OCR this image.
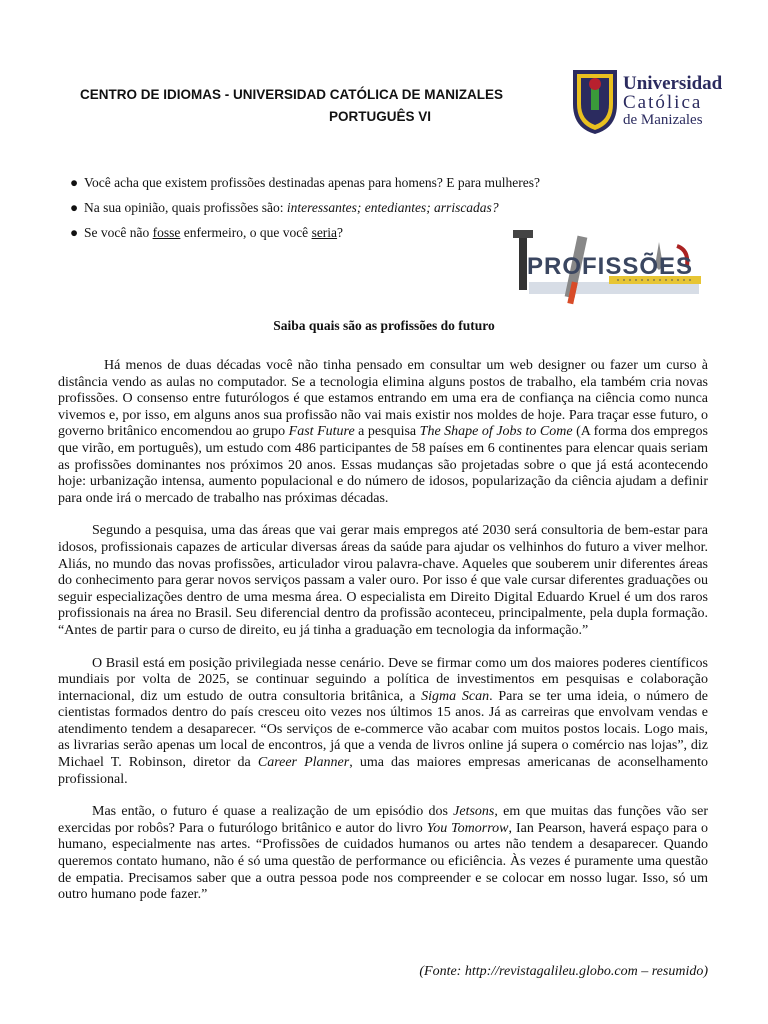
CENTRO DE IDIOMAS - UNIVERSIDAD CATÓLICA DE MANIZALES
PORTUGUÊS VI
Universidad
Católica
de Manizales
● Você acha que existem profissões destinadas apenas para homens? E para mulheres?
● Na sua opinião, quais profissões são: interessantes; entediantes; arriscadas?
● Se você não fosse enfermeiro, o que você seria?
PROFISSÕES
Saiba quais são as profissões do futuro

Há menos de duas décadas você não tinha pensado em consultar um web designer ou fazer um curso à distância vendo as aulas no computador. Se a tecnologia elimina alguns postos de trabalho, ela também cria novas profissões. O consenso entre futurólogos é que estamos entrando em uma era de confiança na ciência como nunca vivemos e, por isso, em alguns anos sua profissão não vai mais existir nos moldes de hoje. Para traçar esse futuro, o governo britânico encomendou ao grupo Fast Future a pesquisa The Shape of Jobs to Come (A forma dos empregos que virão, em português), um estudo com 486 participantes de 58 países em 6 continentes para elencar quais seriam as profissões dominantes nos próximos 20 anos. Essas mudanças são projetadas sobre o que já está acontecendo hoje: urbanização intensa, aumento populacional e do número de idosos, popularização da ciência ajudam a definir para onde irá o mercado de trabalho nas próximas décadas.

Segundo a pesquisa, uma das áreas que vai gerar mais empregos até 2030 será consultoria de bem-estar para idosos, profissionais capazes de articular diversas áreas da saúde para ajudar os velhinhos do futuro a viver melhor. Aliás, no mundo das novas profissões, articulador virou palavra-chave. Aqueles que souberem unir diferentes áreas do conhecimento para gerar novos serviços passam a valer ouro. Por isso é que vale cursar diferentes graduações ou seguir especializações dentro de uma mesma área. O especialista em Direito Digital Eduardo Kruel é um dos raros profissionais na área no Brasil. Seu diferencial dentro da profissão aconteceu, principalmente, pela dupla formação. “Antes de partir para o curso de direito, eu já tinha a graduação em tecnologia da informação.”

O Brasil está em posição privilegiada nesse cenário. Deve se firmar como um dos maiores poderes científicos mundiais por volta de 2025, se continuar seguindo a política de investimentos em pesquisas e colaboração internacional, diz um estudo de outra consultoria britânica, a Sigma Scan. Para se ter uma ideia, o número de cientistas formados dentro do país cresceu oito vezes nos últimos 15 anos. Já as carreiras que envolvam vendas e atendimento tendem a desaparecer. “Os serviços de e-commerce vão acabar com muitos postos locais. Logo mais, as livrarias serão apenas um local de encontros, já que a venda de livros online já supera o comércio nas lojas”, diz Michael T. Robinson, diretor da Career Planner, uma das maiores empresas americanas de aconselhamento profissional.

Mas então, o futuro é quase a realização de um episódio dos Jetsons, em que muitas das funções vão ser exercidas por robôs? Para o futurólogo britânico e autor do livro You Tomorrow, Ian Pearson, haverá espaço para o humano, especialmente nas artes. “Profissões de cuidados humanos ou artes não tendem a desaparecer. Quando queremos contato humano, não é só uma questão de performance ou eficiência. Às vezes é puramente uma questão de empatia. Precisamos saber que a outra pessoa pode nos compreender e se colocar em nosso lugar. Isso, só um outro humano pode fazer.”

(Fonte: http://revistagalileu.globo.com – resumido)
